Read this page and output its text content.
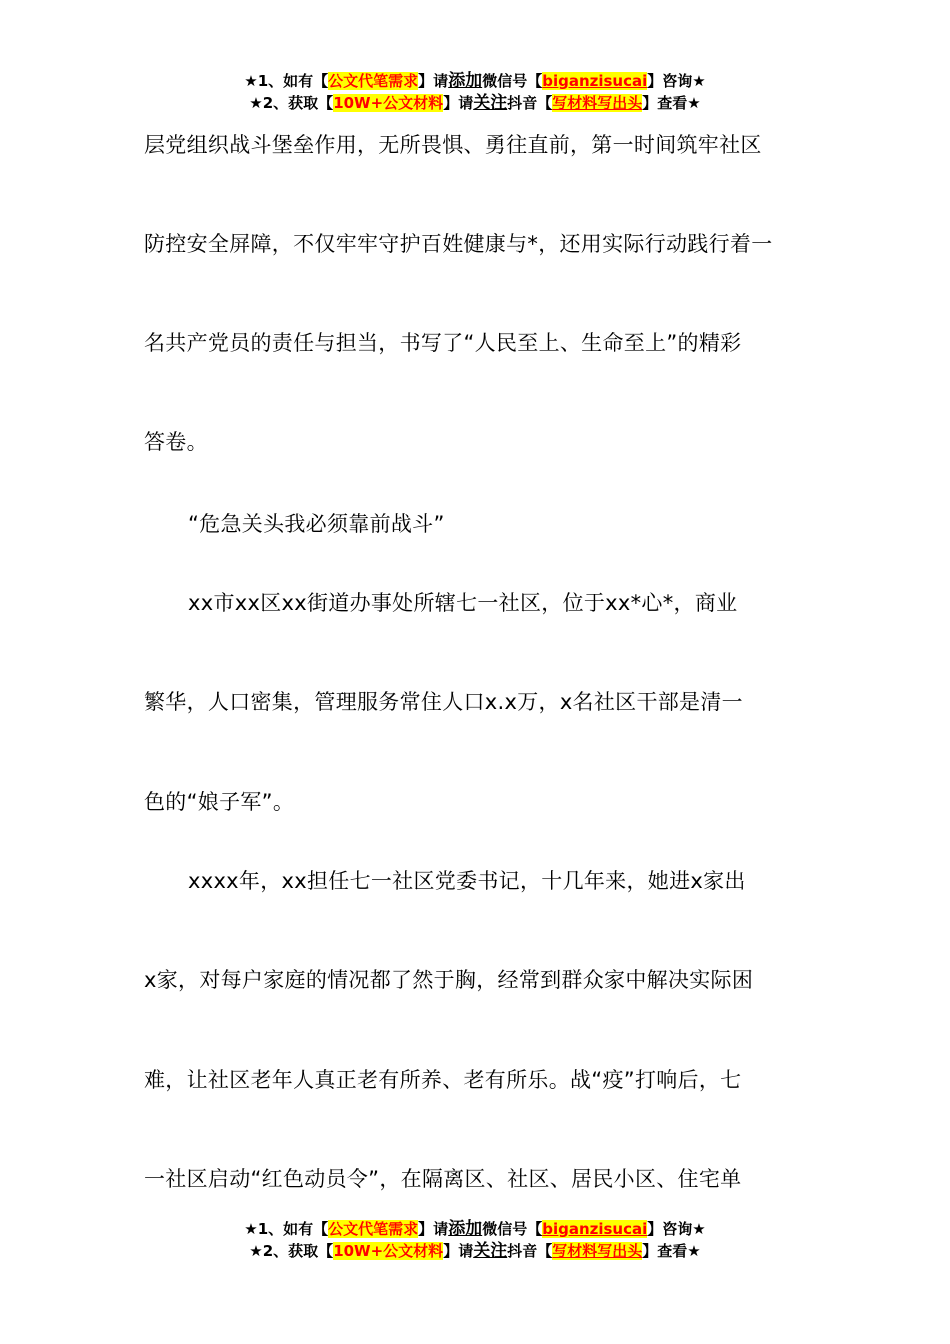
★1、如有【公文代笔需求】请添加微信号【biganzisucai】咨询★
★2、获取【10W+公文材料】请关注抖音【写材料写出头】查看★
层党组织战斗堡垒作用，无所畏惧、勇往直前，第一时间筑牢社区
防控安全屏障，不仅牢牢守护百姓健康与*，还用实际行动践行着一
名共产党员的责任与担当，书写了“人民至上、生命至上”的精彩
答卷。
“危急关头我必须靠前战斗”
xx市xx区xx街道办事处所辖七一社区，位于xx*心*，商业
繁华，人口密集，管理服务常住人口x.x万，x名社区干部是清一
色的“娘子军”。
xxxx年，xx担任七一社区党委书记，十几年来，她进x家出
x家，对每户家庭的情况都了然于胸，经常到群众家中解决实际困
难，让社区老年人真正老有所养、老有所乐。战“疫”打响后，七
一社区启动“红色动员令”，在隔离区、社区、居民小区、住宅单
★1、如有【公文代笔需求】请添加微信号【biganzisucai】咨询★
★2、获取【10W+公文材料】请关注抖音【写材料写出头】查看★
